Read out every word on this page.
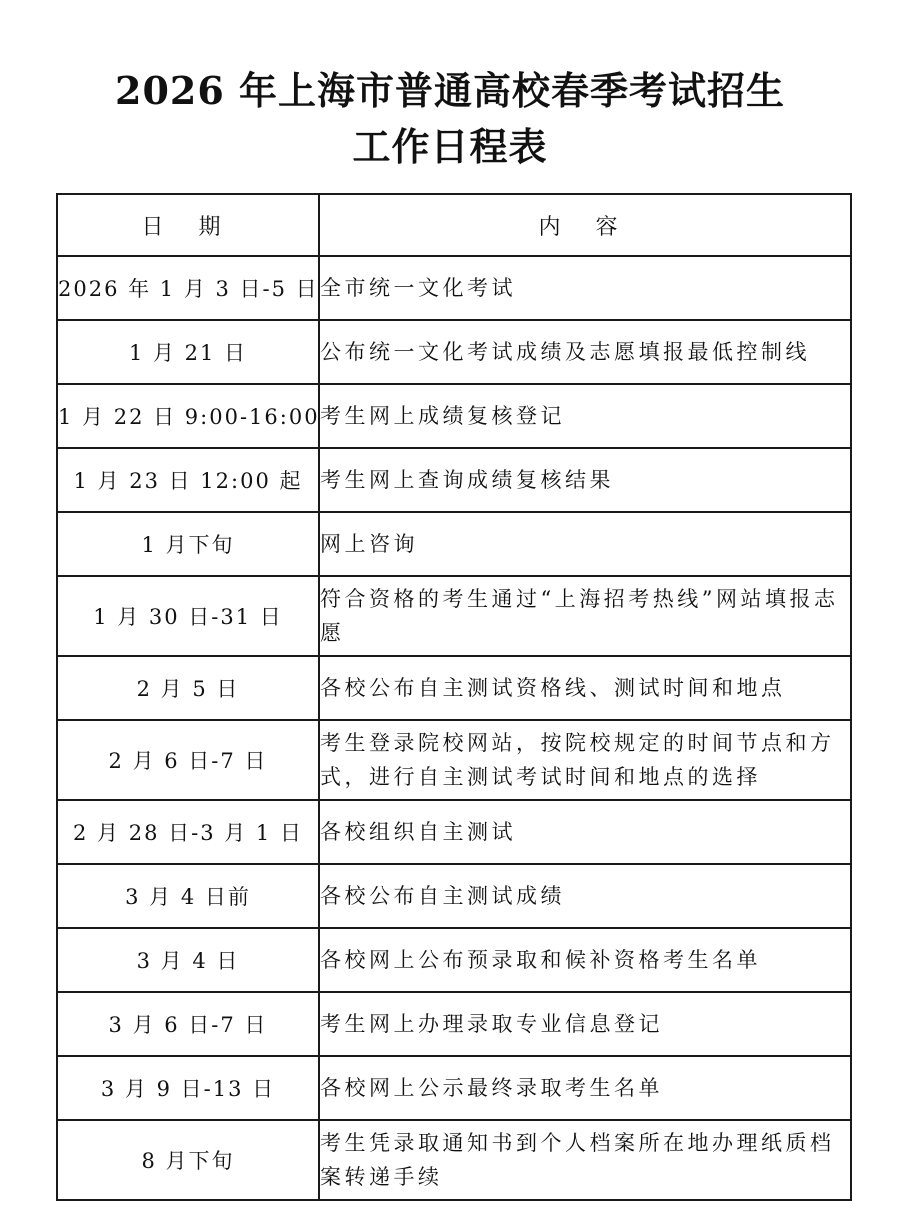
2026 年上海市普通高校春季考试招生
工作日程表
日 期	内 容
2026 年 1 月 3 日-5 日	全市统一文化考试
1 月 21 日	公布统一文化考试成绩及志愿填报最低控制线
1 月 22 日 9:00-16:00	考生网上成绩复核登记
1 月 23 日 12:00 起	考生网上查询成绩复核结果
1 月下旬	网上咨询
1 月 30 日-31 日	符合资格的考生通过“上海招考热线”网站填报志愿
2 月 5 日	各校公布自主测试资格线、测试时间和地点
2 月 6 日-7 日	考生登录院校网站，按院校规定的时间节点和方式，进行自主测试考试时间和地点的选择
2 月 28 日-3 月 1 日	各校组织自主测试
3 月 4 日前	各校公布自主测试成绩
3 月 4 日	各校网上公布预录取和候补资格考生名单
3 月 6 日-7 日	考生网上办理录取专业信息登记
3 月 9 日-13 日	各校网上公示最终录取考生名单
8 月下旬	考生凭录取通知书到个人档案所在地办理纸质档案转递手续
